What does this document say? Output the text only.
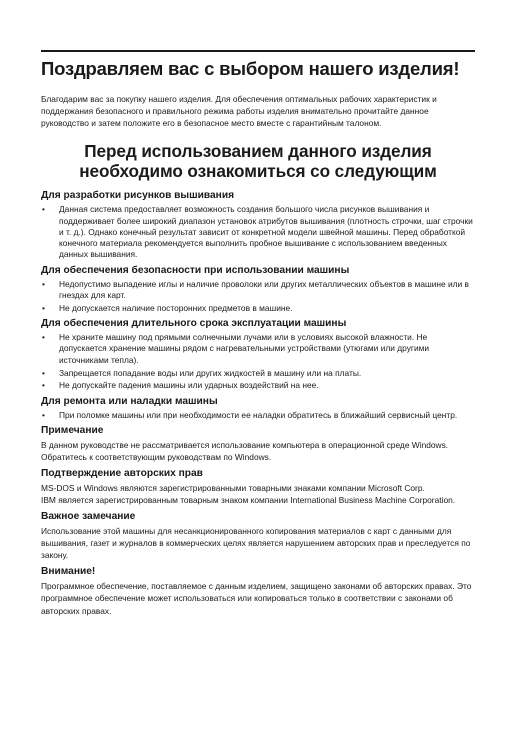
Поздравляем вас с выбором нашего изделия!

Благодарим вас за покупку нашего изделия. Для обеспечения оптимальных рабочих характеристик и поддержания безопасного и правильного режима работы изделия внимательно прочитайте данное руководство и затем положите его в безопасное место вместе с гарантийным талоном.

Перед использованием данного изделия
необходимо ознакомиться со следующим
Для разработки рисунков вышивания
• Данная система предоставляет возможность создания большого числа рисунков вышивания и поддерживает более широкий диапазон установок атрибутов вышивания (плотность строчки, шаг строчки и т. д.). Однако конечный результат зависит от конкретной модели швейной машины. Перед обработкой конечного материала рекомендуется выполнить пробное вышивание с использованием введенных данных вышивания.
Для обеспечения безопасности при использовании машины
• Недопустимо выпадение иглы и наличие проволоки или других металлических объектов в машине или в гнездах для карт.
• Не допускается наличие посторонних предметов в машине.
Для обеспечения длительного срока эксплуатации машины
• Не храните машину под прямыми солнечными лучами или в условиях высокой влажности. Не допускается хранение машины рядом с нагревательными устройствами (утюгами или другими источниками тепла).
• Запрещается попадание воды или других жидкостей в машину или на платы.
• Не допускайте падения машины или ударных воздействий на нее.
Для ремонта или наладки машины
• При поломке машины или при необходимости ее наладки обратитесь в ближайший сервисный центр.
Примечание

В данном руководстве не рассматривается использование компьютера в операционной среде Windows. Обратитесь к соответствующим руководствам по Windows.

Подтверждение авторских прав

MS-DOS и Windows являются зарегистрированными товарными знаками компании Microsoft Corp.
IBM является зарегистрированным товарным знаком компании International Business Machine Corporation.

Важное замечание

Использование этой машины для несанкционированного копирования материалов с карт с данными для вышивания, газет и журналов в коммерческих целях является нарушением авторских прав и преследуется по закону.

Внимание!

Программное обеспечение, поставляемое с данным изделием, защищено законами об авторских правах. Это программное обеспечение может использоваться или копироваться только в соответствии с законами об авторских правах.
